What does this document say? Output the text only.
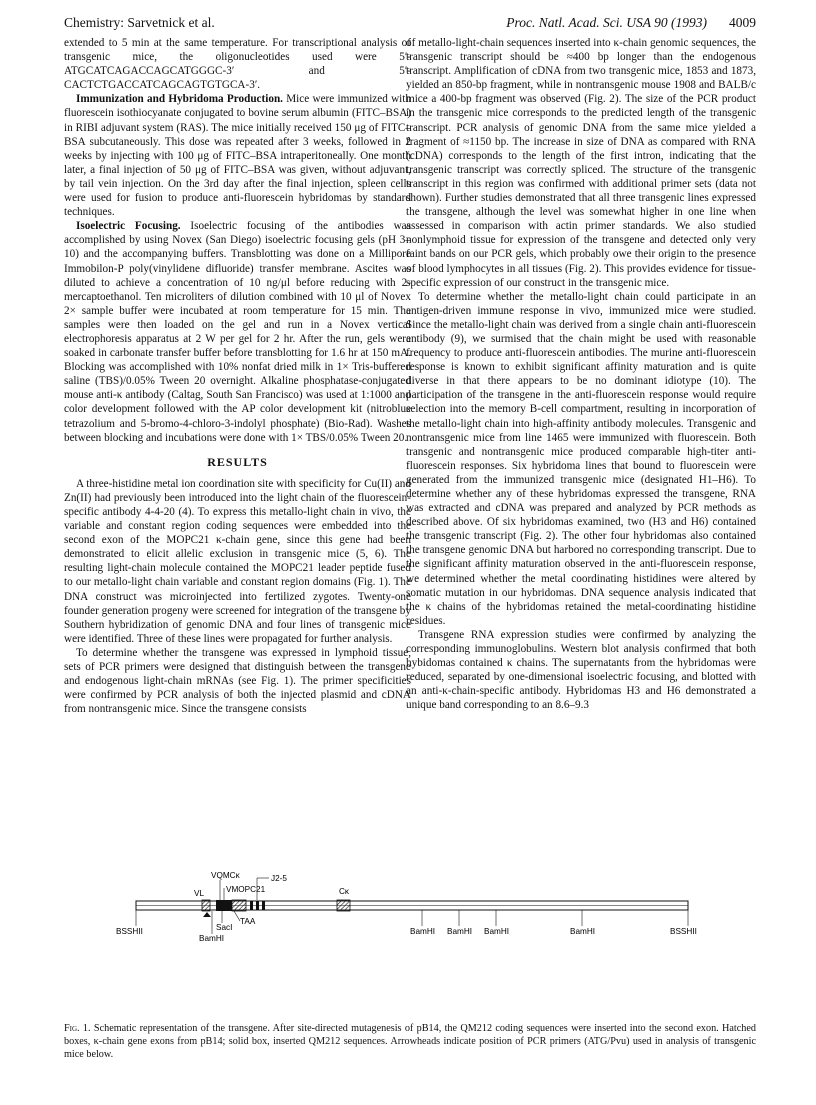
Chemistry: Sarvetnick et al.	Proc. Natl. Acad. Sci. USA 90 (1993) 4009

extended to 5 min at the same temperature. For transcriptional analysis of transgenic mice, the oligonucleotides used were 5′-ATGCATCAGACCAGCATGGGC-3′ and 5′-CACTCTGACCATCAGCAGTGTGCA-3′.

Immunization and Hybridoma Production. Mice were immunized with fluorescein isothiocyanate conjugated to bovine serum albumin (FITC–BSA) in RIBI adjuvant system (RAS). The mice initially received 150 μg of FITC–BSA subcutaneously. This dose was repeated after 3 weeks, followed in 2 weeks by injecting with 100 μg of FITC–BSA intraperitoneally. One month later, a final injection of 50 μg of FITC–BSA was given, without adjuvant, by tail vein injection. On the 3rd day after the final injection, spleen cells were used for fusion to produce anti-fluorescein hybridomas by standard techniques.

Isoelectric Focusing. Isoelectric focusing of the antibodies was accomplished by using Novex (San Diego) isoelectric focusing gels (pH 3–10) and the accompanying buffers. Transblotting was done on a Millipore Immobilon-P poly(vinylidene difluoride) transfer membrane. Ascites was diluted to achieve a concentration of 10 ng/μl before reducing with 2-mercaptoethanol. Ten microliters of dilution combined with 10 μl of Novex 2× sample buffer were incubated at room temperature for 15 min. The samples were then loaded on the gel and run in a Novex vertical electrophoresis apparatus at 2 W per gel for 2 hr. After the run, gels were soaked in carbonate transfer buffer before transblotting for 1.6 hr at 150 mA. Blocking was accomplished with 10% nonfat dried milk in 1× Tris-buffered saline (TBS)/0.05% Tween 20 overnight. Alkaline phosphatase-conjugated mouse anti-κ antibody (Caltag, South San Francisco) was used at 1:1000 and color development followed with the AP color development kit (nitroblue tetrazolium and 5-bromo-4-chloro-3-indolyl phosphate) (Bio-Rad). Washes between blocking and incubations were done with 1× TBS/0.05% Tween 20.

RESULTS

A three-histidine metal ion coordination site with specificity for Cu(II) and Zn(II) had previously been introduced into the light chain of the fluorescein-specific antibody 4-4-20 (4). To express this metallo-light chain in vivo, the variable and constant region coding sequences were embedded into the second exon of the MOPC21 κ-chain gene, since this gene had been demonstrated to elicit allelic exclusion in transgenic mice (5, 6). The resulting light-chain molecule contained the MOPC21 leader peptide fused to our metallo-light chain variable and constant region domains (Fig. 1). The DNA construct was microinjected into fertilized zygotes. Twenty-one founder generation progeny were screened for integration of the transgene by Southern hybridization of genomic DNA and four lines of transgenic mice were identified. Three of these lines were propagated for further analysis.

To determine whether the transgene was expressed in lymphoid tissue, sets of PCR primers were designed that distinguish between the transgene and endogenous light-chain mRNAs (see Fig. 1). The primer specificities were confirmed by PCR analysis of both the injected plasmid and cDNA from nontransgenic mice. Since the transgene consists

of metallo-light-chain sequences inserted into κ-chain genomic sequences, the transgenic transcript should be ≈400 bp longer than the endogenous transcript. Amplification of cDNA from two transgenic mice, 1853 and 1873, yielded an 850-bp fragment, while in nontransgenic mouse 1908 and BALB/c mice a 400-bp fragment was observed (Fig. 2). The size of the PCR product in the transgenic mice corresponds to the predicted length of the transgenic transcript. PCR analysis of genomic DNA from the same mice yielded a fragment of ≈1150 bp. The increase in size of DNA as compared with RNA (cDNA) corresponds to the length of the first intron, indicating that the transgenic transcript was correctly spliced. The structure of the transgenic transcript in this region was confirmed with additional primer sets (data not shown). Further studies demonstrated that all three transgenic lines expressed the transgene, although the level was somewhat higher in one line when assessed in comparison with actin primer standards. We also studied nonlymphoid tissue for expression of the transgene and detected only very faint bands on our PCR gels, which probably owe their origin to the presence of blood lymphocytes in all tissues (Fig. 2). This provides evidence for tissue-specific expression of our construct in the transgenic mice.

To determine whether the metallo-light chain could participate in an antigen-driven immune response in vivo, immunized mice were studied. Since the metallo-light chain was derived from a single chain anti-fluorescein antibody (9), we surmised that the chain might be used with reasonable frequency to produce anti-fluorescein antibodies. The murine anti-fluorescein response is known to exhibit significant affinity maturation and is quite diverse in that there appears to be no dominant idiotype (10). The participation of the transgene in the anti-fluorescein response would require selection into the memory B-cell compartment, resulting in incorporation of the metallo-light chain into high-affinity antibody molecules. Transgenic and nontransgenic mice from line 1465 were immunized with fluorescein. Both transgenic and nontransgenic mice produced comparable high-titer anti-fluorescein responses. Six hybridoma lines that bound to fluorescein were generated from the immunized transgenic mice (designated H1–H6). To determine whether any of these hybridomas expressed the transgene, RNA was extracted and cDNA was prepared and analyzed by PCR methods as described above. Of six hybridomas examined, two (H3 and H6) contained the transgenic transcript (Fig. 2). The other four hybridomas also contained the transgene genomic DNA but harbored no corresponding transcript. Due to the significant affinity maturation observed in the anti-fluorescein response, we determined whether the metal coordinating histidines were altered by somatic mutation in our hybridomas. DNA sequence analysis indicated that the κ chains of the hybridomas retained the metal-coordinating histidine residues.

Transgene RNA expression studies were confirmed by analyzing the corresponding immunoglobulins. Western blot analysis confirmed that both hybidomas contained κ chains. The supernatants from the hybridomas were reduced, separated by one-dimensional isoelectric focusing, and blotted with an anti-κ-chain-specific antibody. Hybridomas H3 and H6 demonstrated a unique band corresponding to an 8.6–9.3

VQMCκ
VL	VMOPC21
J2-5
Cκ
TAA
SacI
BamHI
BSSHII	BamHI BamHI BamHI	BamHI	BSSHII
Fig. 1. Schematic representation of the transgene. After site-directed mutagenesis of pB14, the QM212 coding sequences were inserted into the second exon. Hatched boxes, κ-chain gene exons from pB14; solid box, inserted QM212 sequences. Arrowheads indicate position of PCR primers (ATG/Pvu) used in analysis of transgenic mice below.
